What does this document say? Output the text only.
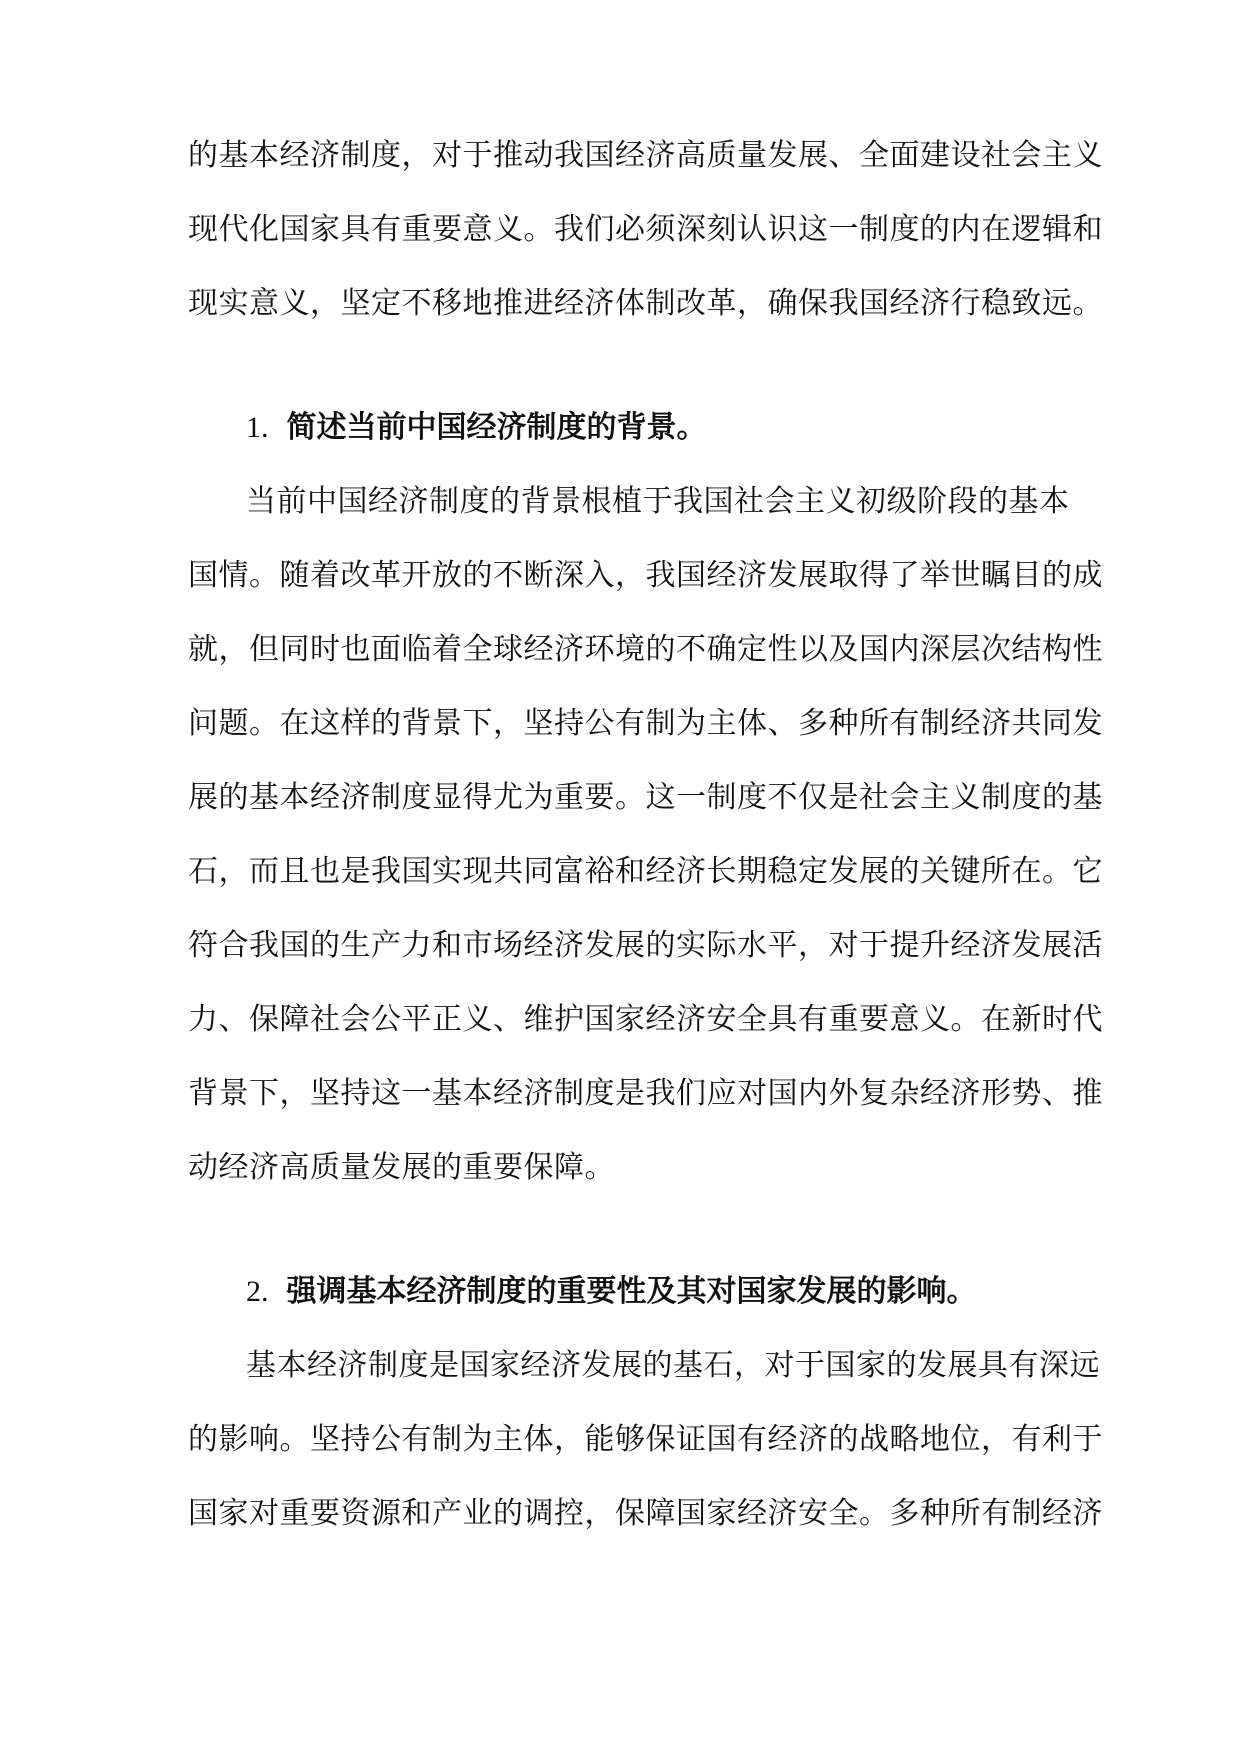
的基本经济制度，对于推动我国经济高质量发展、全面建设社会主义
现代化国家具有重要意义。我们必须深刻认识这一制度的内在逻辑和
现实意义，坚定不移地推进经济体制改革，确保我国经济行稳致远。
1. 简述当前中国经济制度的背景。
当前中国经济制度的背景根植于我国社会主义初级阶段的基本
国情。随着改革开放的不断深入，我国经济发展取得了举世瞩目的成
就，但同时也面临着全球经济环境的不确定性以及国内深层次结构性
问题。在这样的背景下，坚持公有制为主体、多种所有制经济共同发
展的基本经济制度显得尤为重要。这一制度不仅是社会主义制度的基
石，而且也是我国实现共同富裕和经济长期稳定发展的关键所在。它
符合我国的生产力和市场经济发展的实际水平，对于提升经济发展活
力、保障社会公平正义、维护国家经济安全具有重要意义。在新时代
背景下，坚持这一基本经济制度是我们应对国内外复杂经济形势、推
动经济高质量发展的重要保障。
2. 强调基本经济制度的重要性及其对国家发展的影响。
基本经济制度是国家经济发展的基石，对于国家的发展具有深远
的影响。坚持公有制为主体，能够保证国有经济的战略地位，有利于
国家对重要资源和产业的调控，保障国家经济安全。多种所有制经济
